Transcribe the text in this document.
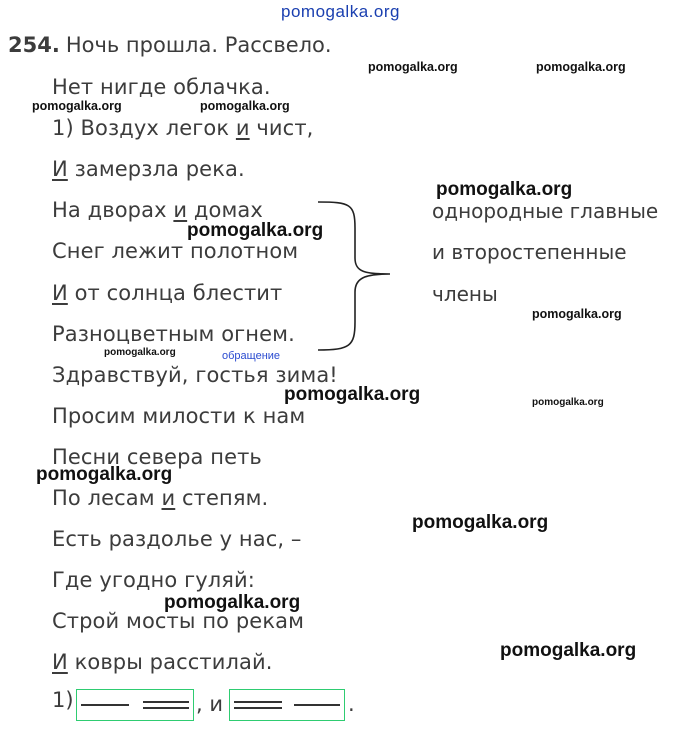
pomogalka.org
254. Ночь прошла. Рассвело.
Нет нигде облачка.
1) Воздух легок и чист,
И замерзла река.
На дворах и домах
Снег лежит полотном
И от солнца блестит
Разноцветным огнем.
Здравствуй, гостья зима!
Просим милости к нам
Песни севера петь
По лесам и степям.
Есть раздолье у нас, –
Где угодно гуляй:
Строй мосты по рекам
И ковры расстилай.
однородные главные
и второстепенные
члены
обращение
1)	, и	.
pomogalka.org	pomogalka.org
pomogalka.org	pomogalka.org
pomogalka.org
pomogalka.org
pomogalka.org
pomogalka.org
pomogalka.org	pomogalka.org
pomogalka.org
pomogalka.org
pomogalka.org
pomogalka.org
